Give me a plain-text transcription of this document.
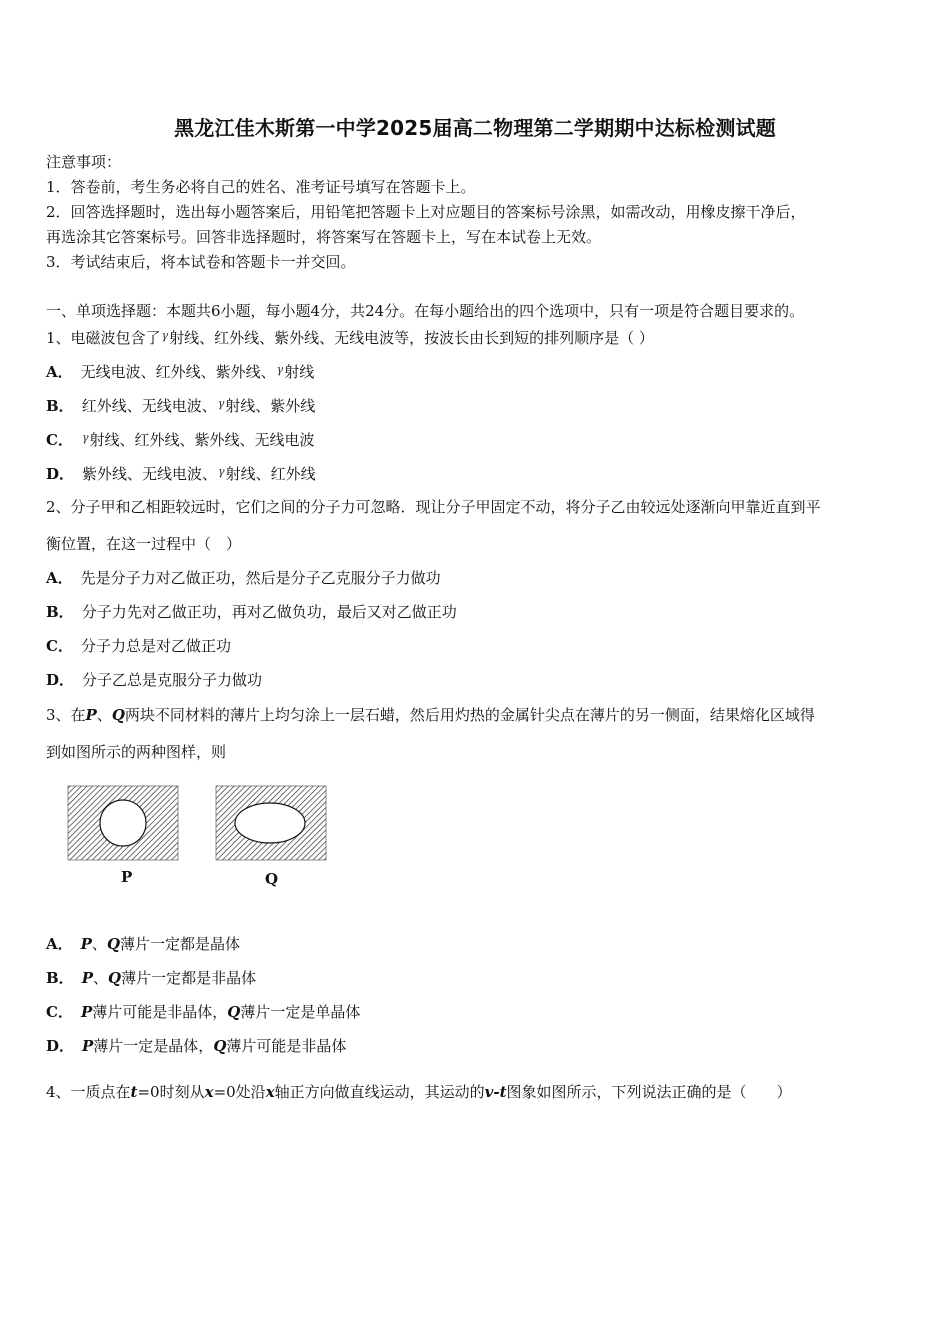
黑龙江佳木斯第一中学2025届高二物理第二学期期中达标检测试题
注意事项：
1．答卷前，考生务必将自己的姓名、准考证号填写在答题卡上。
2．回答选择题时，选出每小题答案后，用铅笔把答题卡上对应题目的答案标号涂黑，如需改动，用橡皮擦干净后，
再选涂其它答案标号。回答非选择题时，将答案写在答题卡上，写在本试卷上无效。
3．考试结束后，将本试卷和答题卡一并交回。
一、单项选择题：本题共6小题，每小题4分，共24分。在每小题给出的四个选项中，只有一项是符合题目要求的。
1、电磁波包含了$^\gamma$射线、红外线、紫外线、无线电波等，按波长由长到短的排列顺序是（ ）
A． 无线电波、红外线、紫外线、$^\gamma$射线
B． 红外线、无线电波、$^\gamma$射线、紫外线
C． $^\gamma$射线、红外线、紫外线、无线电波
D． 紫外线、无线电波、$^\gamma$射线、红外线
2、分子甲和乙相距较远时，它们之间的分子力可忽略．现让分子甲固定不动，将分子乙由较远处逐渐向甲靠近直到平
衡位置，在这一过程中（　）
A． 先是分子力对乙做正功，然后是分子乙克服分子力做功
B． 分子力先对乙做正功，再对乙做负功，最后又对乙做正功
C． 分子力总是对乙做正功
D． 分子乙总是克服分子力做功
3、在P、Q两块不同材料的薄片上均匀涂上一层石蜡，然后用灼热的金属针尖点在薄片的另一侧面，结果熔化区域得
到如图所示的两种图样，则
P	Q
A． P、Q薄片一定都是晶体
B． P、Q薄片一定都是非晶体
C． P薄片可能是非晶体，Q薄片一定是单晶体
D． P薄片一定是晶体，Q薄片可能是非晶体
4、一质点在t=0时刻从x=0处沿x轴正方向做直线运动，其运动的v-t图象如图所示，下列说法正确的是（　　）
